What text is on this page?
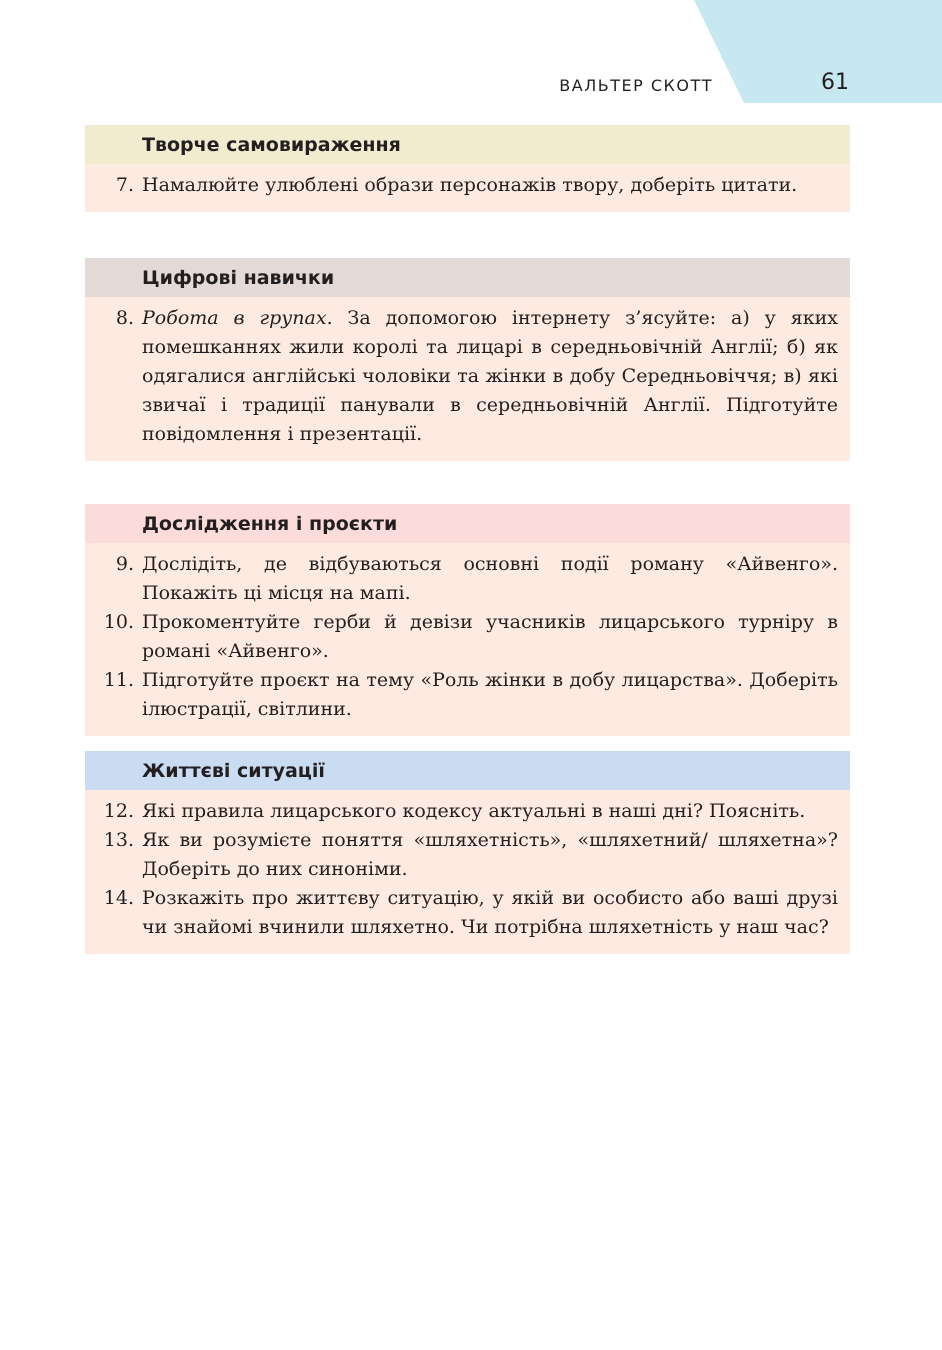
ВАЛЬТЕР СКОТТ	61
Творче самовираження
7. Намалюйте улюблені образи персонажів твору, доберіть цитати.
Цифрові навички
8. Робота в групах. За допомогою інтернету з’ясуйте: а) у яких помешканнях жили королі та лицарі в середньовічній Англії; б) як одягалися англійські чоловіки та жінки в добу Середньовіччя; в) які звичаї і традиції панували в середньовічній Англії. Підготуйте повідомлення і презентації.
Дослідження і проєкти
9. Дослідіть, де відбуваються основні події роману «Айвенго». Покажіть ці місця на мапі.
10. Прокоментуйте герби й девізи учасників лицарського турніру в романі «Айвенго».
11. Підготуйте проєкт на тему «Роль жінки в добу лицарства». Доберіть ілюстрації, світлини.
Життєві ситуації
12. Які правила лицарського кодексу актуальні в наші дні? Поясніть.
13. Як ви розумієте поняття «шляхетність», «шляхетний/ шляхетна»? Доберіть до них синоніми.
14. Розкажіть про життєву ситуацію, у якій ви особисто або ваші друзі чи знайомі вчинили шляхетно. Чи потрібна шляхетність у наш час?
